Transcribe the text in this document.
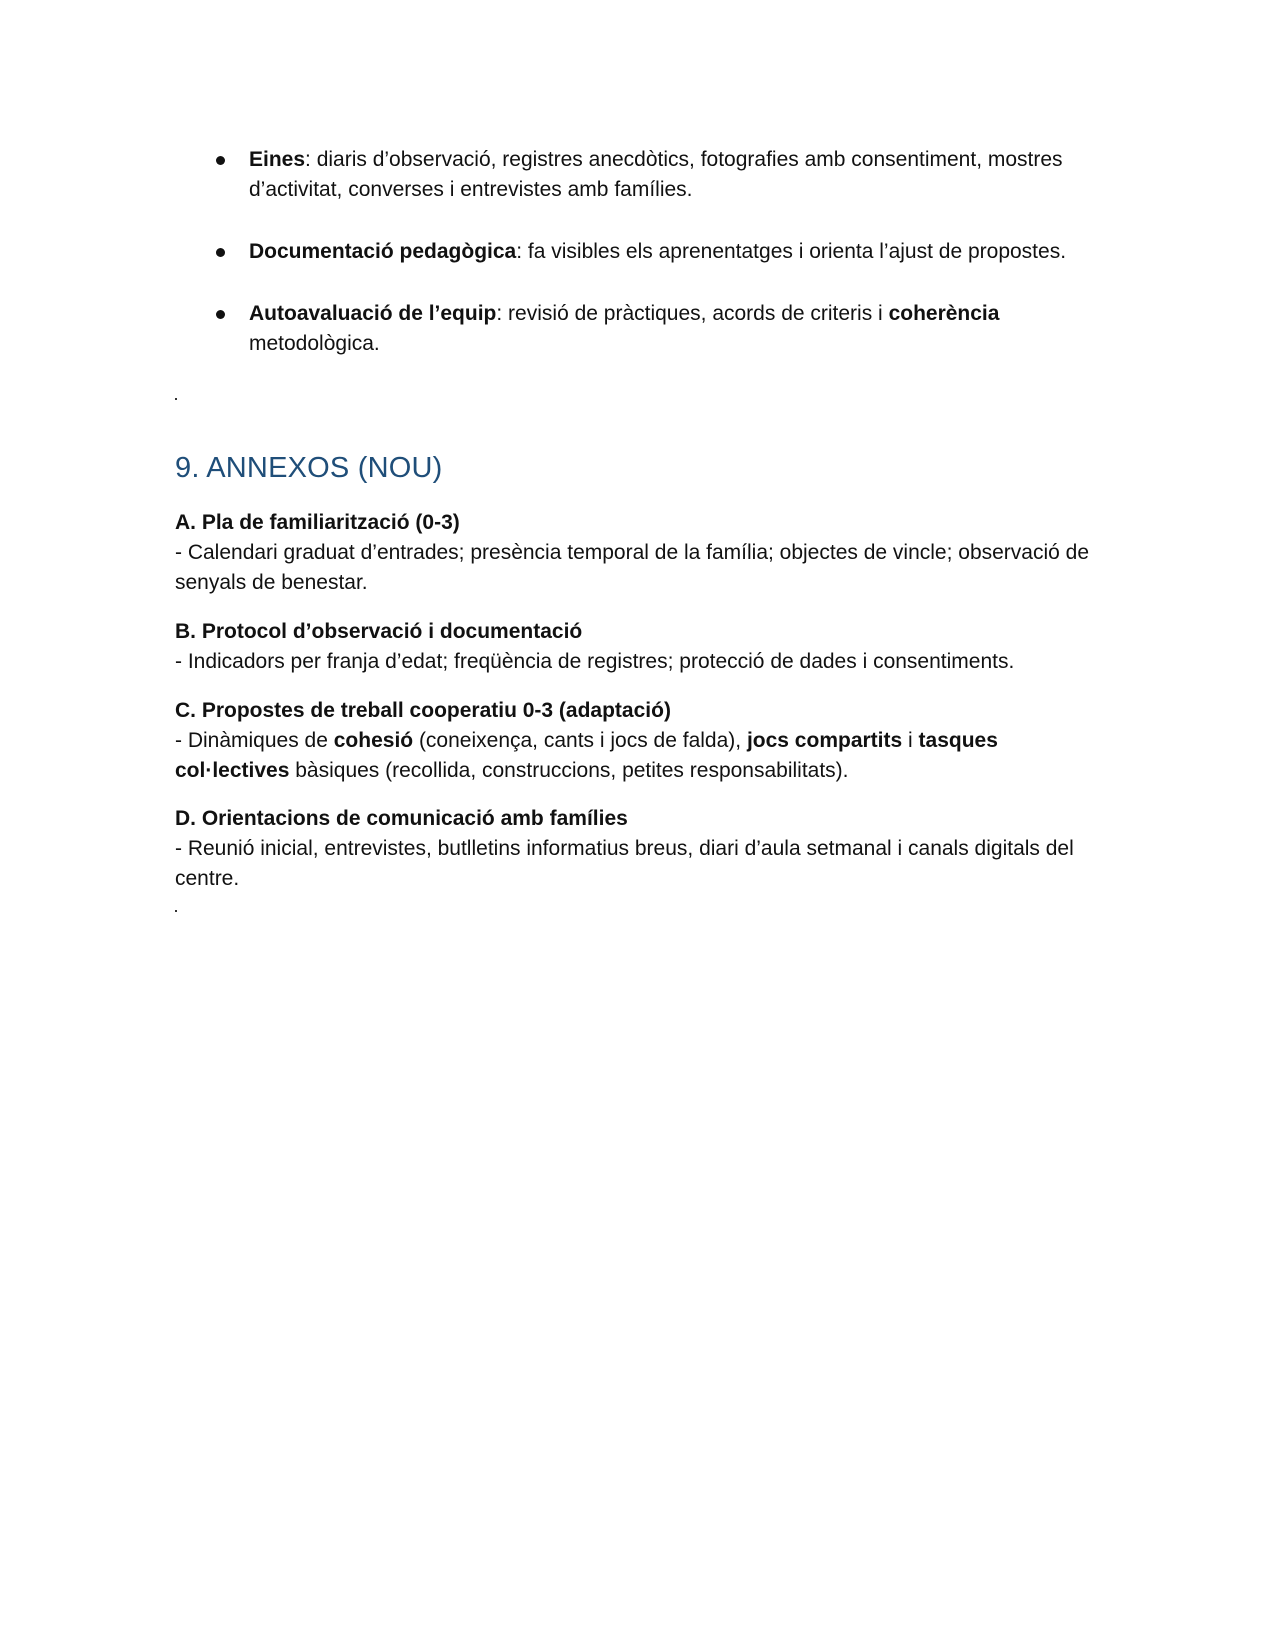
Eines: diaris d’observació, registres anecdòtics, fotografies amb consentiment, mostres d’activitat, converses i entrevistes amb famílies.
Documentació pedagògica: fa visibles els aprenentatges i orienta l’ajust de propostes.
Autoavaluació de l’equip: revisió de pràctiques, acords de criteris i coherència metodològica.
9. ANNEXOS (NOU)

A. Pla de familiarització (0-3)

- Calendari graduat d’entrades; presència temporal de la família; objectes de vincle; observació de senyals de benestar.

B. Protocol d’observació i documentació

- Indicadors per franja d’edat; freqüència de registres; protecció de dades i consentiments.

C. Propostes de treball cooperatiu 0-3 (adaptació)

- Dinàmiques de cohesió (coneixença, cants i jocs de falda), jocs compartits i tasques col·lectives bàsiques (recollida, construccions, petites responsabilitats).

D. Orientacions de comunicació amb famílies

- Reunió inicial, entrevistes, butlletins informatius breus, diari d’aula setmanal i canals digitals del centre.
